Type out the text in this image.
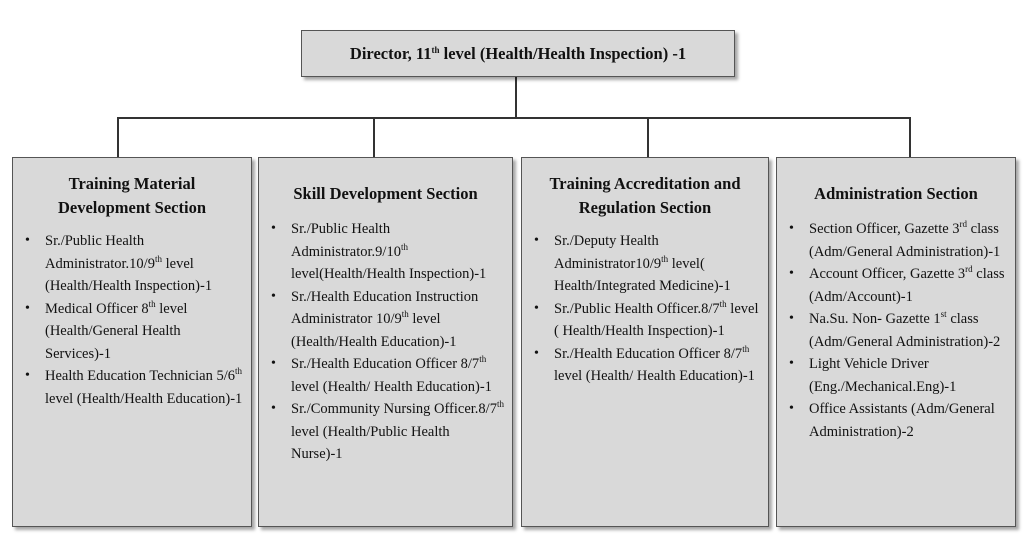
Director, 11th level (Health/Health Inspection) -1
Training Material
Development Section
• Sr./Public Health Administrator.10/9th level (Health/Health Inspection)-1
• Medical Officer 8th level (Health/General Health Services)-1
• Health Education Technician 5/6th level (Health/Health Education)-1
Skill Development Section
• Sr./Public Health Administrator.9/10th level(Health/Health Inspection)-1
• Sr./Health Education Instruction Administrator 10/9th level (Health/Health Education)-1
• Sr./Health Education Officer 8/7th level (Health/ Health Education)-1
• Sr./Community Nursing Officer.8/7th level (Health/Public Health Nurse)-1
Training Accreditation and
Regulation Section
• Sr./Deputy Health Administrator10/9th level( Health/Integrated Medicine)-1
• Sr./Public Health Officer.8/7th level ( Health/Health Inspection)-1
• Sr./Health Education Officer 8/7th level (Health/ Health Education)-1
Administration Section
• Section Officer, Gazette 3rd class (Adm/General Administration)-1
• Account Officer, Gazette 3rd class (Adm/Account)-1
• Na.Su. Non- Gazette 1st class (Adm/General Administration)-2
• Light Vehicle Driver (Eng./Mechanical.Eng)-1
• Office Assistants (Adm/General Administration)-2
